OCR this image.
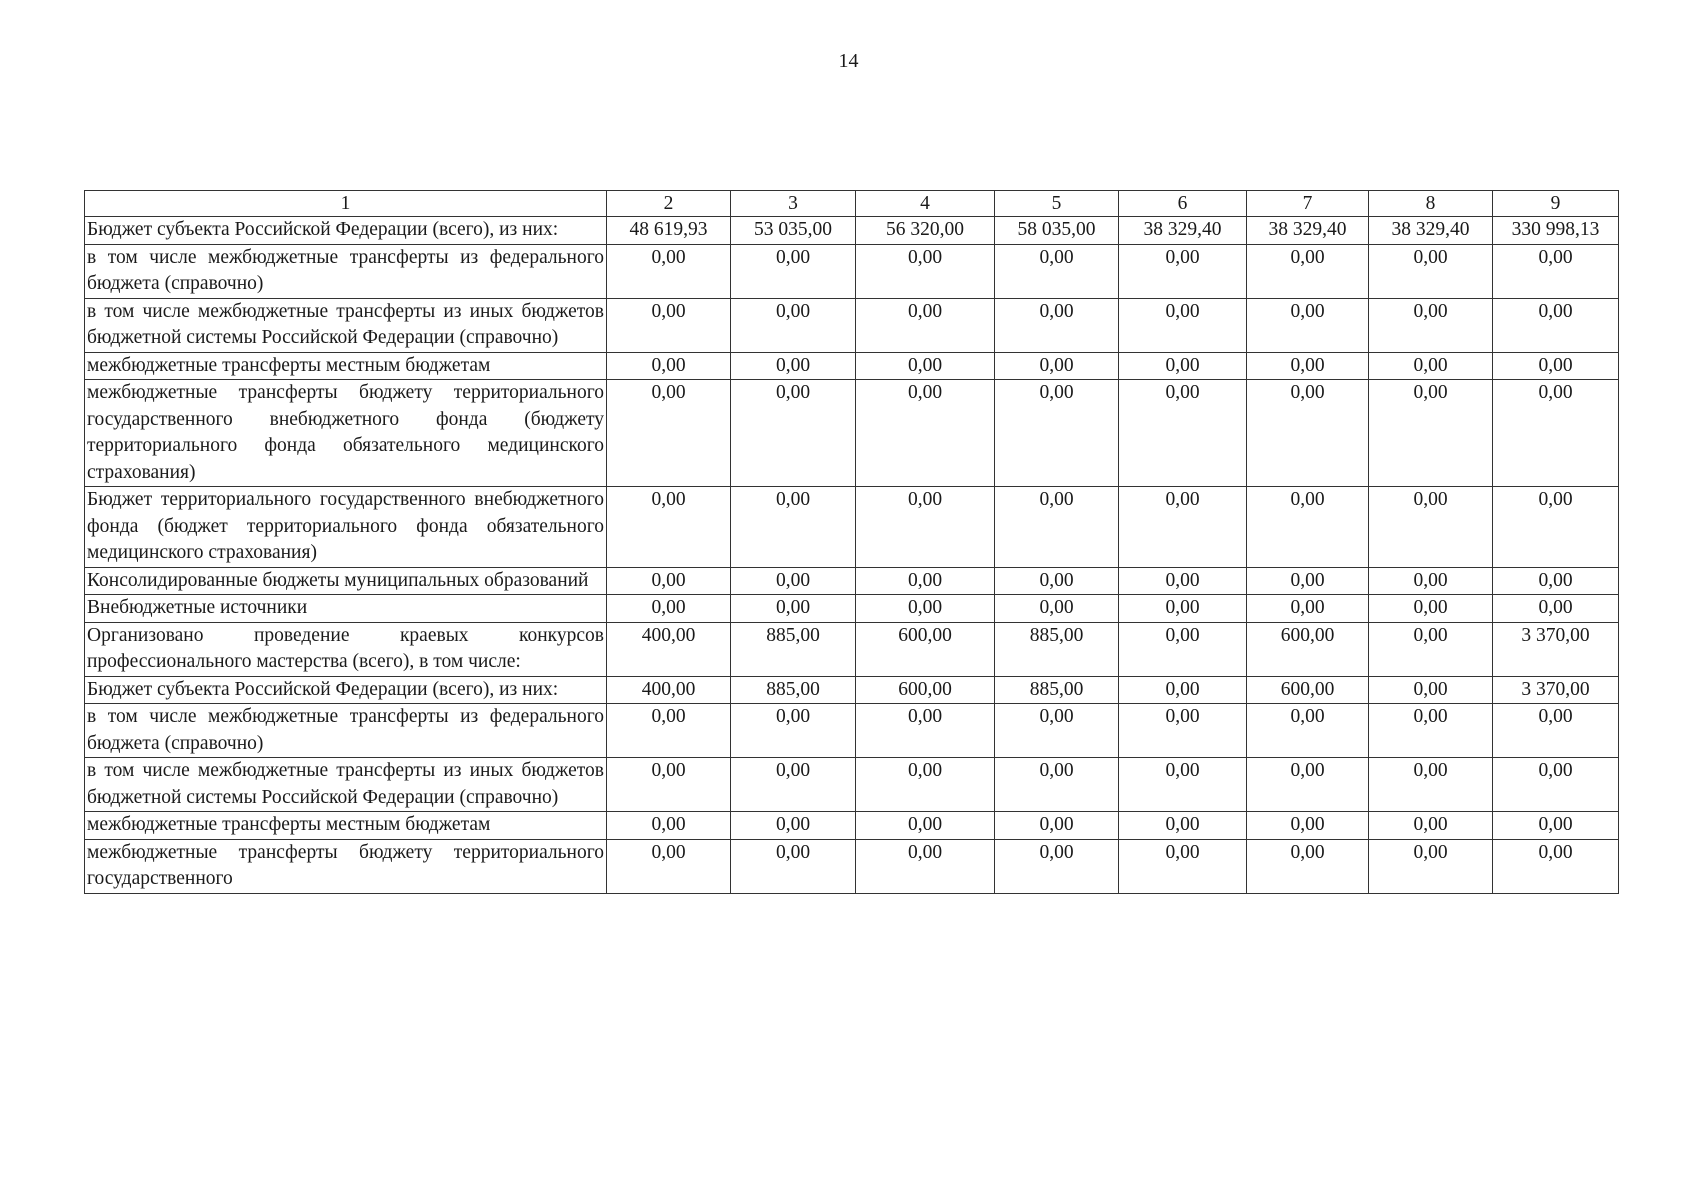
14
1	2	3	4	5	6	7	8	9
Бюджет субъекта Российской Федерации (всего), из них:	48 619,93	53 035,00	56 320,00	58 035,00	38 329,40	38 329,40	38 329,40	330 998,13
в том числе межбюджетные трансферты из федерального бюджета (справочно)	0,00	0,00	0,00	0,00	0,00	0,00	0,00	0,00
в том числе межбюджетные трансферты из иных бюджетов бюджетной системы Российской Федерации (справочно)	0,00	0,00	0,00	0,00	0,00	0,00	0,00	0,00
межбюджетные трансферты местным бюджетам	0,00	0,00	0,00	0,00	0,00	0,00	0,00	0,00
межбюджетные трансферты бюджету территориального государственного внебюджетного фонда (бюджету территориального фонда обязательного медицинского страхования)	0,00	0,00	0,00	0,00	0,00	0,00	0,00	0,00
Бюджет территориального государственного внебюджетного фонда (бюджет территориального фонда обязательного медицинского страхования)	0,00	0,00	0,00	0,00	0,00	0,00	0,00	0,00
Консолидированные бюджеты муниципальных образований	0,00	0,00	0,00	0,00	0,00	0,00	0,00	0,00
Внебюджетные источники	0,00	0,00	0,00	0,00	0,00	0,00	0,00	0,00
Организовано проведение краевых конкурсов профессионального мастерства (всего), в том числе:	400,00	885,00	600,00	885,00	0,00	600,00	0,00	3 370,00
Бюджет субъекта Российской Федерации (всего), из них:	400,00	885,00	600,00	885,00	0,00	600,00	0,00	3 370,00
в том числе межбюджетные трансферты из федерального бюджета (справочно)	0,00	0,00	0,00	0,00	0,00	0,00	0,00	0,00
в том числе межбюджетные трансферты из иных бюджетов бюджетной системы Российской Федерации (справочно)	0,00	0,00	0,00	0,00	0,00	0,00	0,00	0,00
межбюджетные трансферты местным бюджетам	0,00	0,00	0,00	0,00	0,00	0,00	0,00	0,00
межбюджетные трансферты бюджету территориального государственного	0,00	0,00	0,00	0,00	0,00	0,00	0,00	0,00
